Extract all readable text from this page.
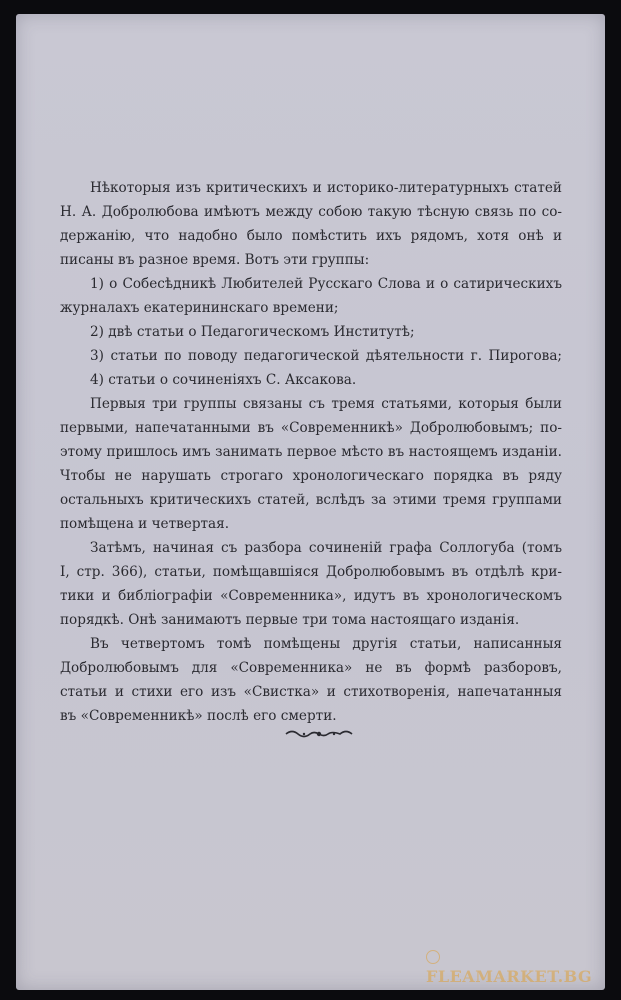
Нѣкоторыя изъ критическихъ и историко-литературныхъ статей
Н. А. Добролюбова имѣютъ между собою такую тѣсную связь по со-
держанію, что надобно было помѣстить ихъ рядомъ, хотя онѣ и
писаны въ разное время. Вотъ эти группы:
1) о Собесѣдникѣ Любителей Русскаго Слова и о сатирическихъ
журналахъ екатерининскаго времени;
2) двѣ статьи о Педагогическомъ Институтѣ;
3) статьи по поводу педагогической дѣятельности г. Пирогова;
4) статьи о сочиненіяхъ С. Аксакова.
Первыя три группы связаны съ тремя статьями, которыя были
первыми, напечатанными въ «Современникѣ» Добролюбовымъ; по-
этому пришлось имъ занимать первое мѣсто въ настоящемъ изданіи.
Чтобы не нарушать строгаго хронологическаго порядка въ ряду
остальныхъ критическихъ статей, вслѣдъ за этими тремя группами
помѣщена и четвертая.
Затѣмъ, начиная съ разбора сочиненій графа Соллогуба (томъ
I, стр. 366), статьи, помѣщавшіяся Добролюбовымъ въ отдѣлѣ кри-
тики и библіографіи «Современника», идутъ въ хронологическомъ
порядкѣ. Онѣ занимаютъ первые три тома настоящаго изданія.
Въ четвертомъ томѣ помѣщены другія статьи, написанныя
Добролюбовымъ для «Современника» не въ формѣ разборовъ,
статьи и стихи его изъ «Свистка» и стихотворенія, напечатанныя
въ «Современникѣ» послѣ его смерти.
FLEAMARKET.BG
